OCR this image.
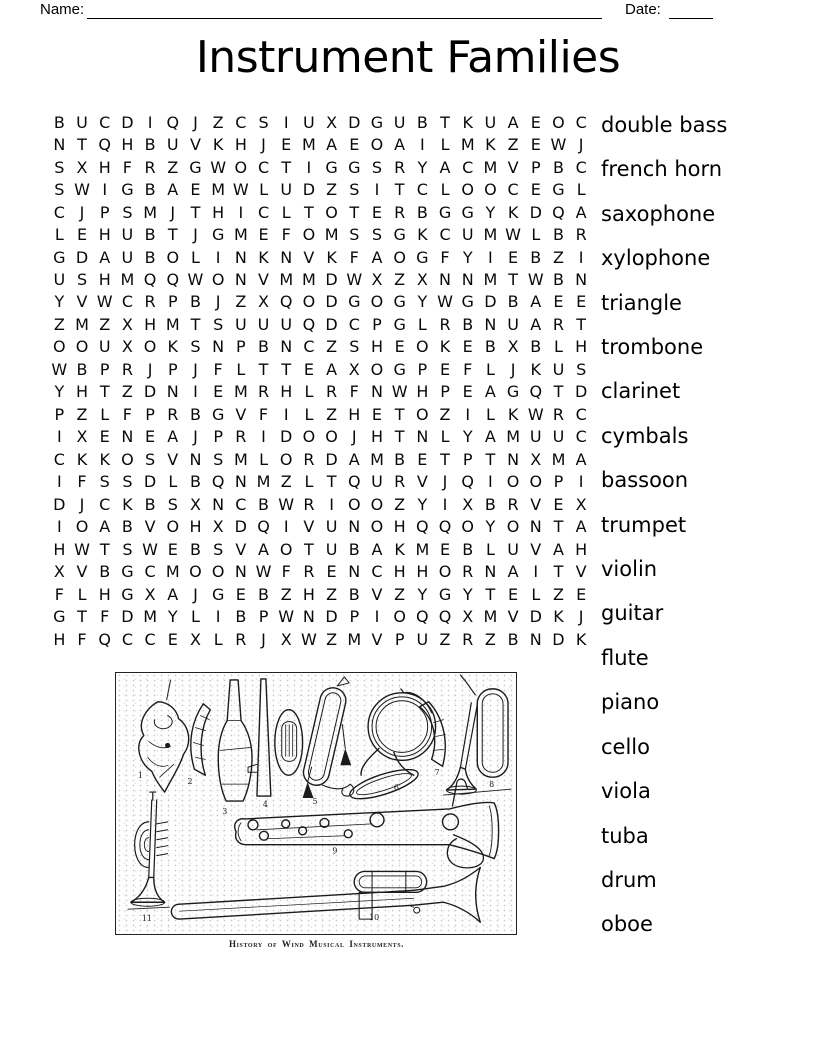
Name:	Date:
Instrument Families
B U C D I Q J Z C S I U X D G U B T K U A E O C
N T Q H B U V K H J E M A E O A I L M K Z E W J
S X H F R Z G W O C T I G G S R Y A C M V P B C
S W I G B A E M W L U D Z S I T C L O O C E G L
C J P S M J T H I C L T O T E R B G G Y K D Q A
L E H U B T J G M E F O M S S G K C U M W L B R
G D A U B O L I N K N V K F A O G F Y I E B Z I
U S H M Q Q W O N V M M D W X Z X N N M T W B N
Y V W C R P B J Z X Q O D G O G Y W G D B A E E
Z M Z X H M T S U U U Q D C P G L R B N U A R T
O O U X O K S N P B N C Z S H E O K E B X B L H
W B P R J P J F L T T E A X O G P E F L J K U S
Y H T Z D N I E M R H L R F N W H P E A G Q T D
P Z L F P R B G V F I L Z H E T O Z I L K W R C
I X E N E A J P R I D O O J H T N L Y A M U U C
C K K O S V N S M L O R D A M B E T P T N X M A
I F S S D L B Q N M Z L T Q U R V J Q I O O P I
D J C K B S X N C B W R I O O Z Y I X B R V E X
I O A B V O H X D Q I V U N O H Q Q O Y O N T A
H W T S W E B S V A O T U B A K M E B L U V A H
X V B G C M O O N W F R E N C H H O R N A I T V
F L H G X A J G E B Z H Z B V Z Y G Y T E L Z E
G T F D M Y L I B P W N D P I O Q Q X M V D K J
H F Q C C E X L R J X W Z M V P U Z R Z B N D K
double bass
french horn
saxophone
xylophone
triangle
trombone
clarinet
cymbals
bassoon
trumpet
violin
guitar
flute
piano
cello
viola
tuba
drum
oboe
1
2
3
4	5
6
7
8
9
10
11
History of Wind Musical Instruments.
